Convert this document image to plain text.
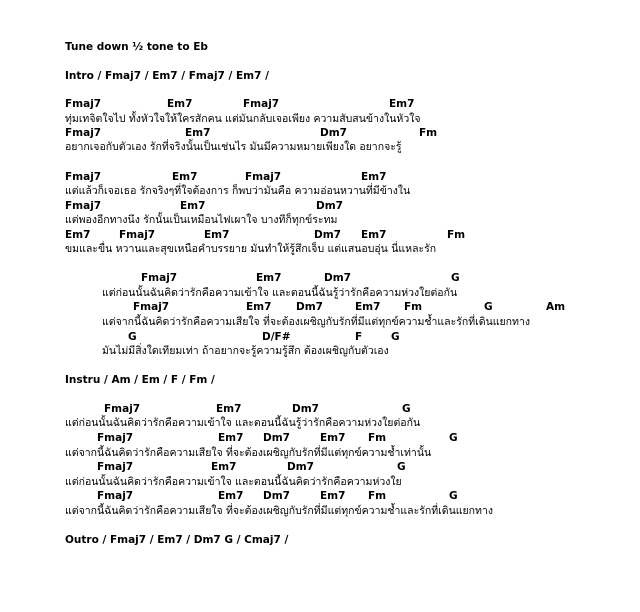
Tune down ½ tone to Eb
Intro / Fmaj7 / Em7 / Fmaj7 / Em7 /
Fmaj7	Em7	Fmaj7	Em7
ทุ่มเทจิตใจไป ทั้งหัวใจให้ใครสักคน แต่มันกลับเจอเพียง ความสับสนข้างในหัวใจ
Fmaj7	Em7	Dm7	Fm
อยากเจอกับตัวเอง รักที่จริงนั้นเป็นเช่นไร มันมีความหมายเพียงใด อยากจะรู้
Fmaj7	Em7	Fmaj7	Em7
แต่แล้วก็เจอเธอ รักจริงๆที่ใจต้องการ ก็พบว่ามันคือ ความอ่อนหวานที่มีข้างใน
Fmaj7	Em7	Dm7
แต่พองอีกทางนึง รักนั้นเป็นเหมือนไฟเผาใจ บางทีก็ทุกข์ระทม
Em7	Fmaj7	Em7	Dm7 Em7	Fm
ขมและขื่น หวานและสุขเหนือคำบรรยาย มันทำให้รู้สึกเจ็บ แต่แสนอบอุ่น นี่แหละรัก
Fmaj7	Em7	Dm7	G
แต่ก่อนนั้นฉันคิดว่ารักคือความเข้าใจ และตอนนี้ฉันรู้ว่ารักคือความห่วงใยต่อกัน
Fmaj7	Em7 Dm7	Em7 Fm	G	Am
แต่จากนี้ฉันคิดว่ารักคือความเสียใจ ที่จะต้องเผชิญกับรักที่มีแต่ทุกข์ความช้ำและรักที่เดินแยกทาง
G	D/F#	F	G
มันไม่มีสิ่งใดเทียมเท่า ถ้าอยากจะรู้ความรู้สึก ต้องเผชิญกับตัวเอง
Instru / Am / Em / F / Fm /
Fmaj7	Em7	Dm7	G
แต่ก่อนนั้นฉันคิดว่ารักคือความเข้าใจ และตอนนี้ฉันรู้ว่ารักคือความห่วงใยต่อกัน
Fmaj7	Em7 Dm7	Em7 Fm	G
แต่จากนี้ฉันคิดว่ารักคือความเสียใจ ที่จะต้องเผชิญกับรักที่มีแต่ทุกข์ความช้ำเท่านั้น
Fmaj7	Em7	Dm7	G
แต่ก่อนนั้นฉันคิดว่ารักคือความเข้าใจ และตอนนี้ฉันคิดว่ารักคือความห่วงใย
Fmaj7	Em7 Dm7	Em7 Fm	G
แต่จากนี้ฉันคิดว่ารักคือความเสียใจ ที่จะต้องเผชิญกับรักที่มีแต่ทุกข์ความช้ำและรักที่เดินแยกทาง
Outro / Fmaj7 / Em7 / Dm7 G / Cmaj7 /
